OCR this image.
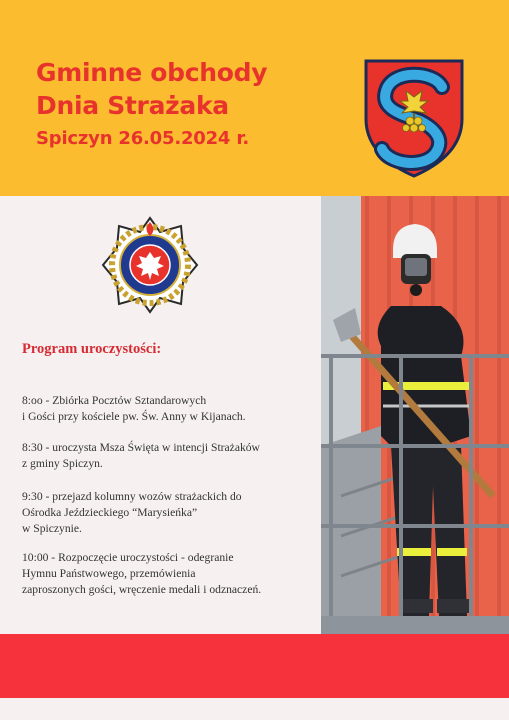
Gminne obchody
Dnia Strażaka
Spiczyn 26.05.2024 r.
Program uroczystości:
8:oo - Zbiórka Pocztów Sztandarowych
i Gości przy kościele pw. Św. Anny w Kijanach.
8:30 - uroczysta Msza Święta w intencji Strażaków
z gminy Spiczyn.
9:30 - przejazd kolumny wozów strażackich do
Ośrodka Jeździeckiego “Marysieńka”
w Spiczynie.
10:00 - Rozpoczęcie uroczystości - odegranie
Hymnu Państwowego, przemówienia
zaproszonych gości, wręczenie medali i odznaczeń.
